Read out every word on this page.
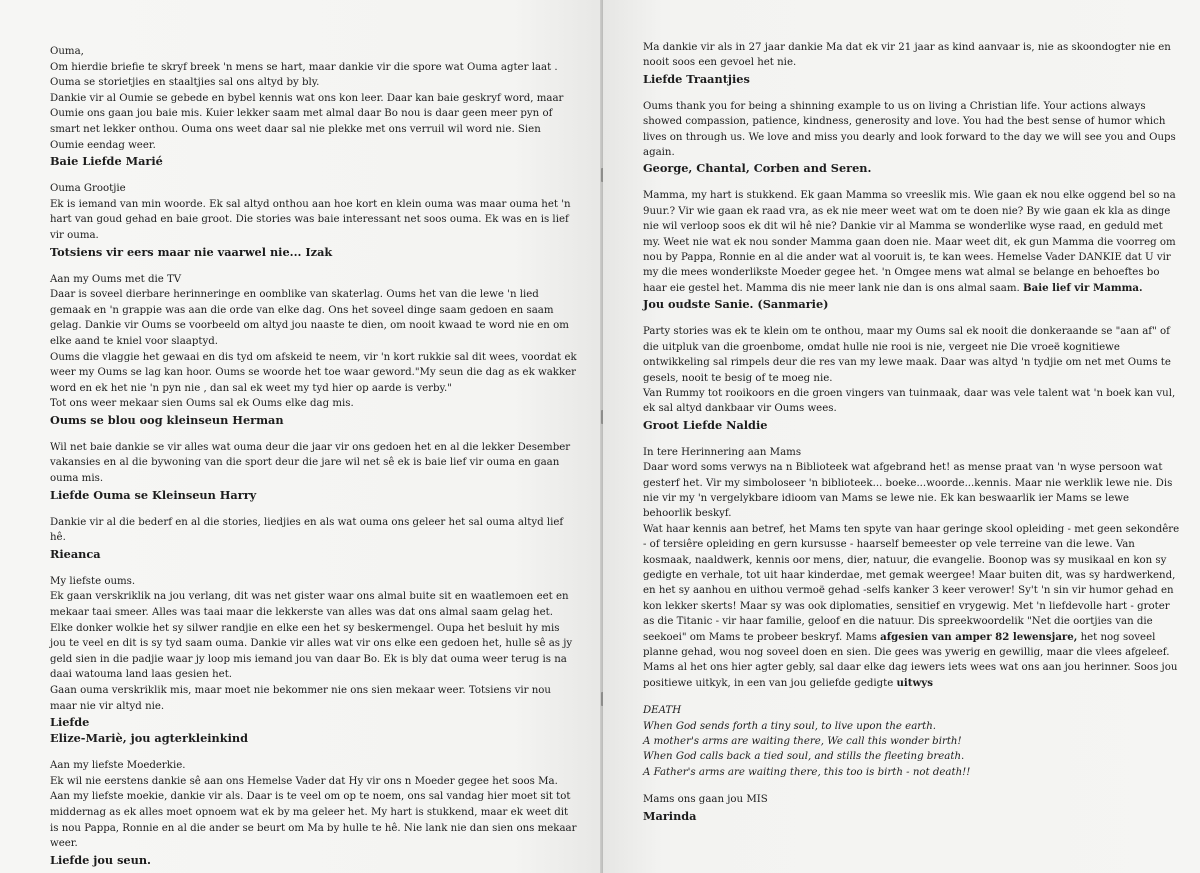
Ouma,

Om hierdie briefie te skryf breek 'n mens se hart, maar dankie vir die spore wat Ouma agter laat . Ouma se storietjies en staaltjies sal ons altyd by bly.

Dankie vir al Oumie se gebede en bybel kennis wat ons kon leer. Daar kan baie geskryf word, maar Oumie ons gaan jou baie mis. Kuier lekker saam met almal daar Bo nou is daar geen meer pyn of smart net lekker onthou. Ouma ons weet daar sal nie plekke met ons verruil wil word nie. Sien Oumie eendag weer.

Baie Liefde Marié

Ouma Grootjie

Ek is iemand van min woorde. Ek sal altyd onthou aan hoe kort en klein ouma was maar ouma het 'n hart van goud gehad en baie groot. Die stories was baie interessant net soos ouma. Ek was en is lief vir ouma.

Totsiens vir eers maar nie vaarwel nie... Izak

Aan my Oums met die TV

Daar is soveel dierbare herinneringe en oomblike van skaterlag. Oums het van die lewe 'n lied gemaak en 'n grappie was aan die orde van elke dag. Ons het soveel dinge saam gedoen en saam gelag. Dankie vir Oums se voorbeeld om altyd jou naaste te dien, om nooit kwaad te word nie en om elke aand te kniel voor slaaptyd.

Oums die vlaggie het gewaai en dis tyd om afskeid te neem, vir 'n kort rukkie sal dit wees, voordat ek weer my Oums se lag kan hoor. Oums se woorde het toe waar geword."My seun die dag as ek wakker word en ek het nie 'n pyn nie , dan sal ek weet my tyd hier op aarde is verby."

Tot ons weer mekaar sien Oums sal ek Oums elke dag mis.

Oums se blou oog kleinseun Herman

Wil net baie dankie se vir alles wat ouma deur die jaar vir ons gedoen het en al die lekker Desember vakansies en al die bywoning van die sport deur die jare wil net sê ek is baie lief vir ouma en gaan ouma mis.

Liefde Ouma se Kleinseun Harry

Dankie vir al die bederf en al die stories, liedjies en als wat ouma ons geleer het sal ouma altyd lief hê.

Rieanca

My liefste oums.

Ek gaan verskriklik na jou verlang, dit was net gister waar ons almal buite sit en waatlemoen eet en mekaar taai smeer. Alles was taai maar die lekkerste van alles was dat ons almal saam gelag het.

Elke donker wolkie het sy silwer randjie en elke een het sy beskermengel. Oupa het besluit hy mis jou te veel en dit is sy tyd saam ouma. Dankie vir alles wat vir ons elke een gedoen het, hulle sê as jy geld sien in die padjie waar jy loop mis iemand jou van daar Bo. Ek is bly dat ouma weer terug is na daai watouma land laas gesien het.

Gaan ouma verskriklik mis, maar moet nie bekommer nie ons sien mekaar weer. Totsiens vir nou maar nie vir altyd nie.

Liefde

Elize-Mariè, jou agterkleinkind

Aan my liefste Moederkie.

Ek wil nie eerstens dankie sê aan ons Hemelse Vader dat Hy vir ons n Moeder gegee het soos Ma. Aan my liefste moekie, dankie vir als. Daar is te veel om op te noem, ons sal vandag hier moet sit tot middernag as ek alles moet opnoem wat ek by ma geleer het. My hart is stukkend, maar ek weet dit is nou Pappa, Ronnie en al die ander se beurt om Ma by hulle te hê. Nie lank nie dan sien ons mekaar weer.

Liefde jou seun.

Ma dankie vir als in 27 jaar dankie Ma dat ek vir 21 jaar as kind aanvaar is, nie as skoondogter nie en nooit soos een gevoel het nie.

Liefde Traantjies

Oums thank you for being a shinning example to us on living a Christian life. Your actions always showed compassion, patience, kindness, generosity and love. You had the best sense of humor which lives on through us. We love and miss you dearly and look forward to the day we will see you and Oups again.

George, Chantal, Corben and Seren.

Mamma, my hart is stukkend. Ek gaan Mamma so vreeslik mis. Wie gaan ek nou elke oggend bel so na 9uur.? Vir wie gaan ek raad vra, as ek nie meer weet wat om te doen nie? By wie gaan ek kla as dinge nie wil verloop soos ek dit wil hê nie? Dankie vir al Mamma se wonderlike wyse raad, en geduld met my. Weet nie wat ek nou sonder Mamma gaan doen nie. Maar weet dit, ek gun Mamma die voorreg om nou by Pappa, Ronnie en al die ander wat al vooruit is, te kan wees. Hemelse Vader DANKIE dat U vir my die mees wonderlikste Moeder gegee het. 'n Omgee mens wat almal se belange en behoeftes bo haar eie gestel het. Mamma dis nie meer lank nie dan is ons almal saam. Baie lief vir Mamma.

Jou oudste Sanie. (Sanmarie)

Party stories was ek te klein om te onthou, maar my Oums sal ek nooit die donkeraande se "aan af" of die uitpluk van die groenbome, omdat hulle nie rooi is nie, vergeet nie Die vroeë kognitiewe ontwikkeling sal rimpels deur die res van my lewe maak. Daar was altyd 'n tydjie om net met Oums te gesels, nooit te besig of te moeg nie.

Van Rummy tot rooikoors en die groen vingers van tuinmaak, daar was vele talent wat 'n boek kan vul, ek sal altyd dankbaar vir Oums wees.

Groot Liefde Naldie

In tere Herinnering aan Mams

Daar word soms verwys na n Biblioteek wat afgebrand het! as mense praat van 'n wyse persoon wat gesterf het. Vir my simboloseer 'n biblioteek... boeke...woorde...kennis. Maar nie werklik lewe nie. Dis nie vir my 'n vergelykbare idioom van Mams se lewe nie. Ek kan beswaarlik ier Mams se lewe behoorlik beskyf.

Wat haar kennis aan betref, het Mams ten spyte van haar geringe skool opleiding - met geen sekondêre - of tersiêre opleiding en gern kursusse - haarself bemeester op vele terreine van die lewe. Van kosmaak, naaldwerk, kennis oor mens, dier, natuur, die evangelie. Boonop was sy musikaal en kon sy gedigte en verhale, tot uit haar kinderdae, met gemak weergee! Maar buiten dit, was sy hardwerkend, en het sy aanhou en uithou vermoë gehad -selfs kanker 3 keer verower! Sy't 'n sin vir humor gehad en kon lekker skerts! Maar sy was ook diplomaties, sensitief en vrygewig. Met 'n liefdevolle hart - groter as die Titanic - vir haar familie, geloof en die natuur. Dis spreekwoordelik "Net die oortjies van die seekoei" om Mams te probeer beskryf. Mams afgesien van amper 82 lewensjare, het nog soveel planne gehad, wou nog soveel doen en sien. Die gees was ywerig en gewillig, maar die vlees afgeleef. Mams al het ons hier agter gebly, sal daar elke dag iewers iets wees wat ons aan jou herinner. Soos jou positiewe uitkyk, in een van jou geliefde gedigte uitwys

DEATH

When God sends forth a tiny soul, to live upon the earth.

A mother's arms are waiting there, We call this wonder birth!

When God calls back a tied soul, and stills the fleeting breath.

A Father's arms are waiting there, this too is birth - not death!!

Mams ons gaan jou MIS

Marinda
